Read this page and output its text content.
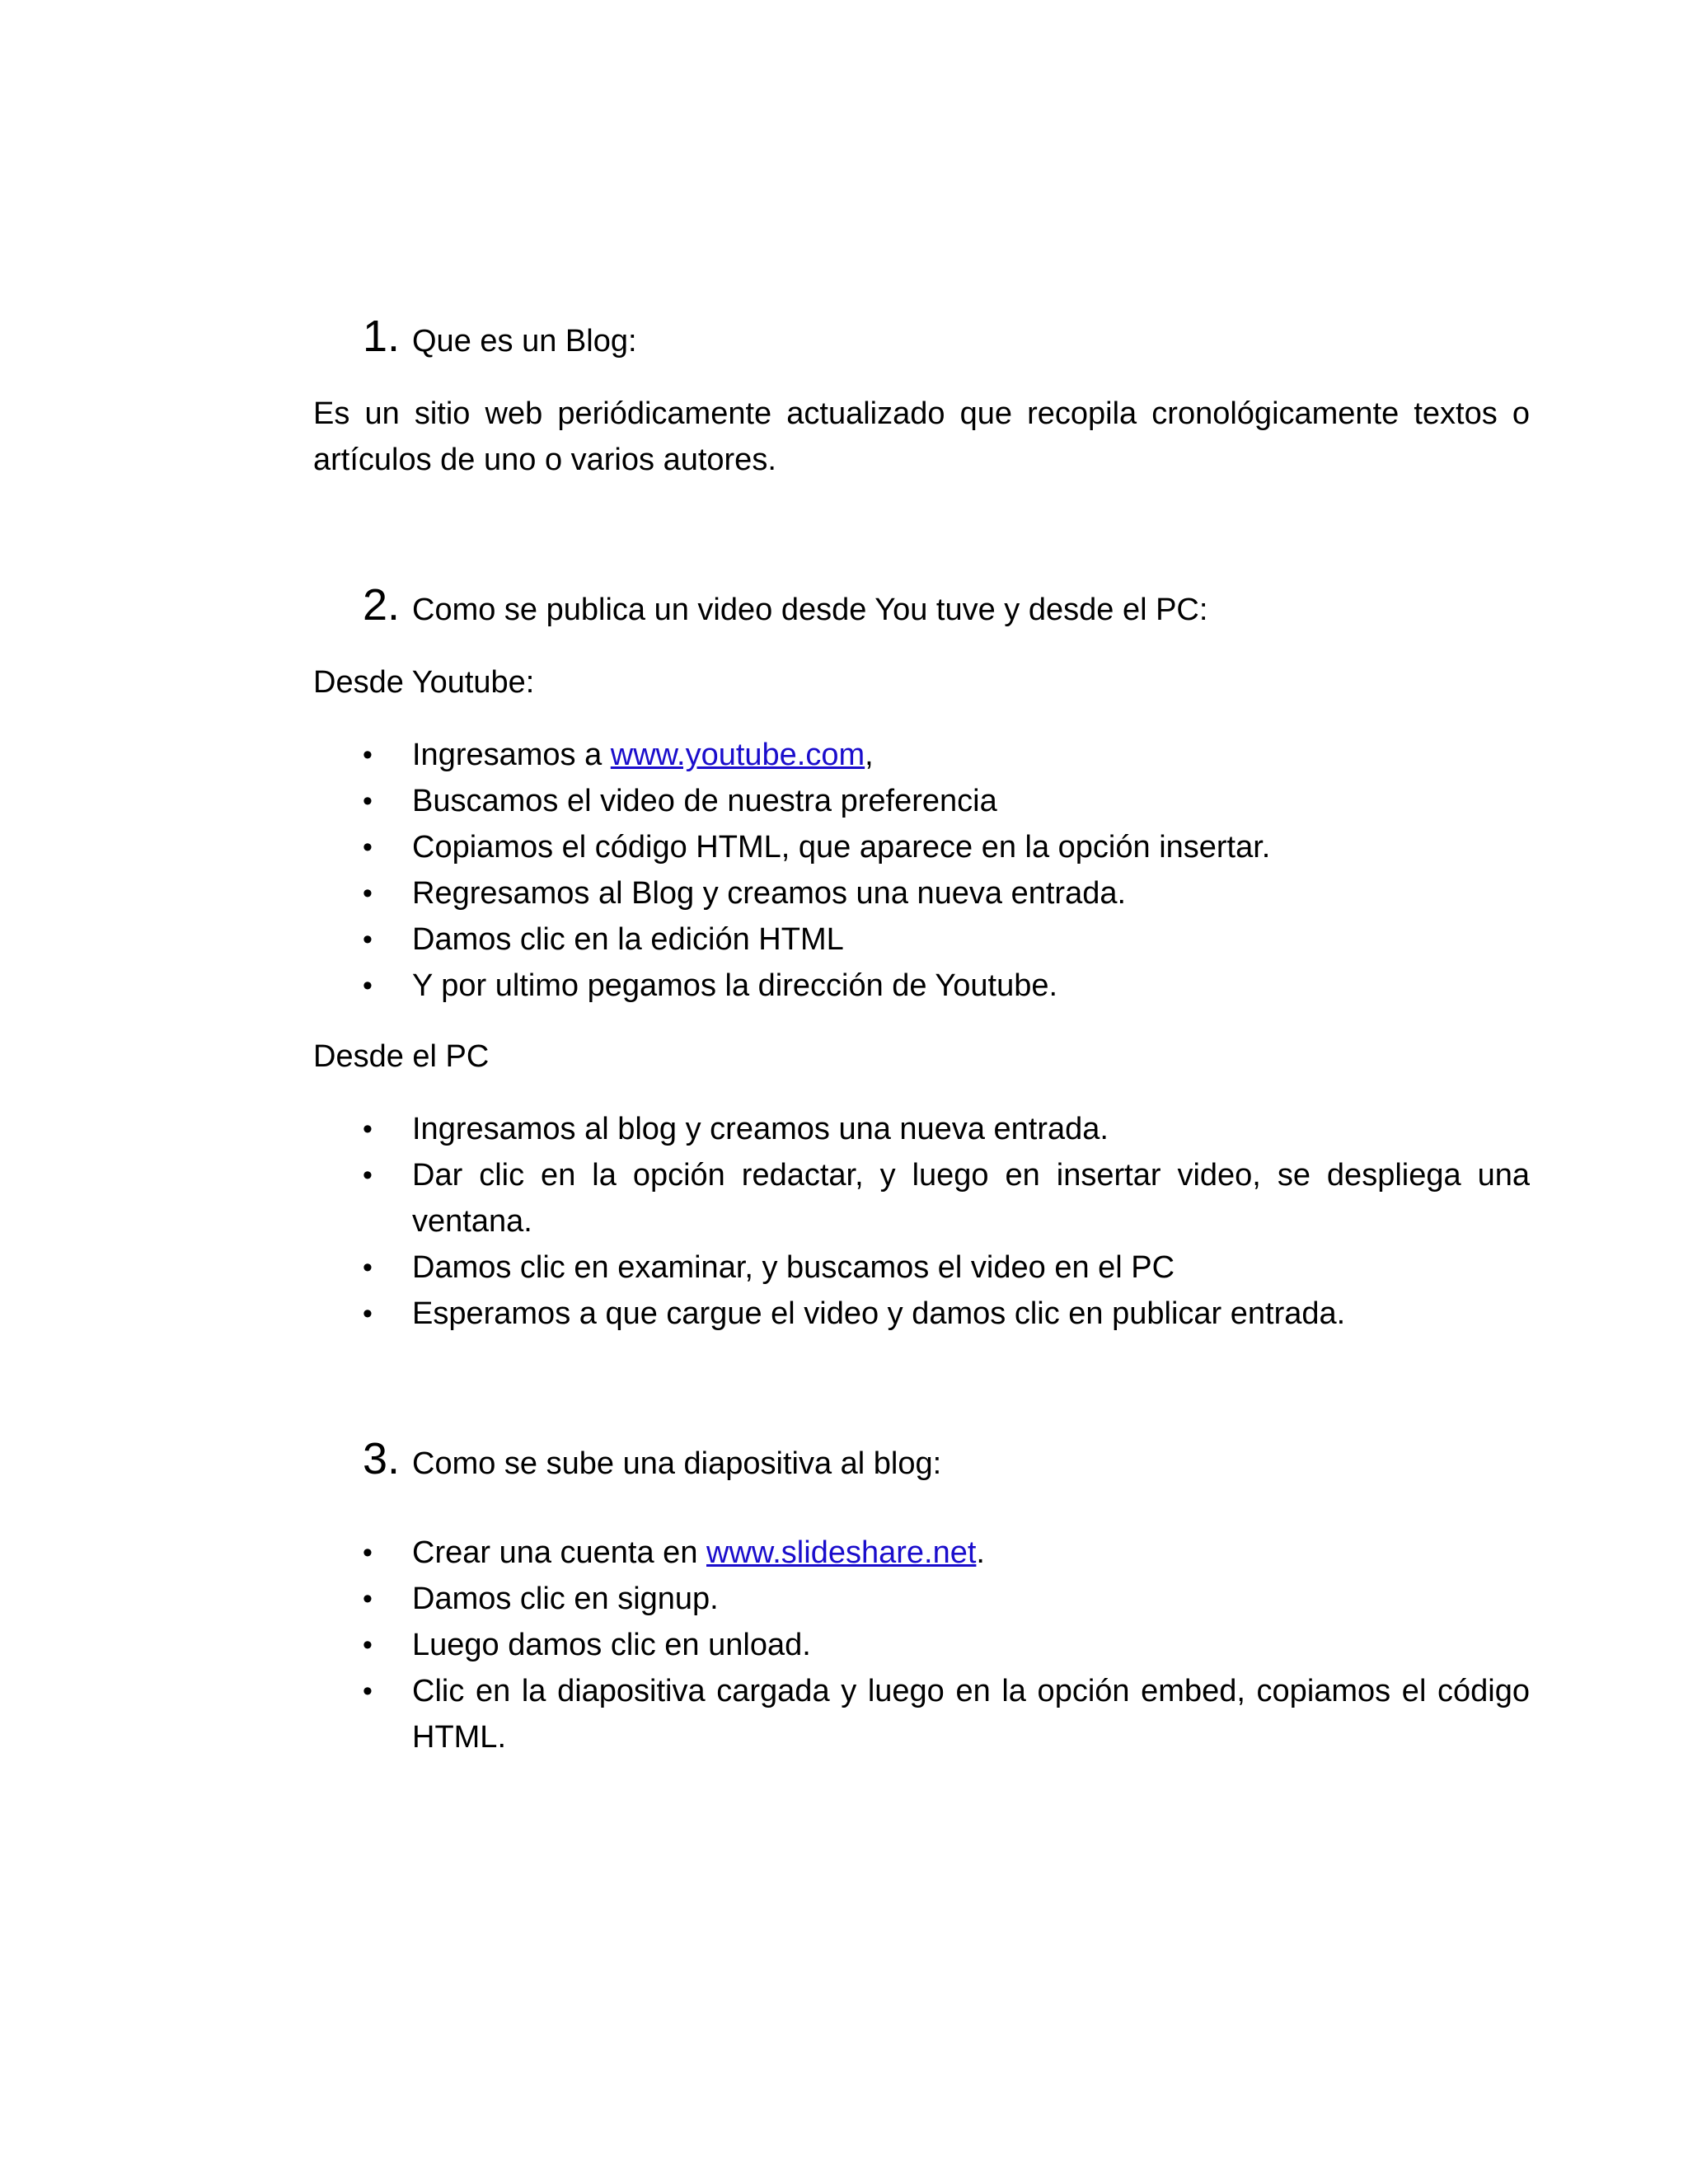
1. Que es un Blog:
Es un sitio web periódicamente actualizado que recopila cronológicamente textos o artículos de uno o varios autores.
2. Como se publica un video desde You tuve y desde el PC:
Desde Youtube:
•	Ingresamos a www.youtube.com,
•	Buscamos el video de nuestra preferencia
•	Copiamos el código HTML, que aparece en la opción insertar.
•	Regresamos al Blog y creamos una nueva entrada.
•	Damos clic en la edición HTML
•	Y por ultimo pegamos la dirección de Youtube.
Desde el PC
•	Ingresamos al blog y creamos una nueva entrada.
•	Dar clic en la opción redactar, y luego en insertar video, se despliega una ventana.
•	Damos clic en examinar, y buscamos el video en el PC
•	Esperamos a que cargue el video y damos clic en publicar entrada.
3. Como se sube una diapositiva al blog:
•	Crear una cuenta en www.slideshare.net.
•	Damos clic en signup.
•	Luego damos clic en unload.
•	Clic en la diapositiva cargada y luego en la opción embed, copiamos el código HTML.
